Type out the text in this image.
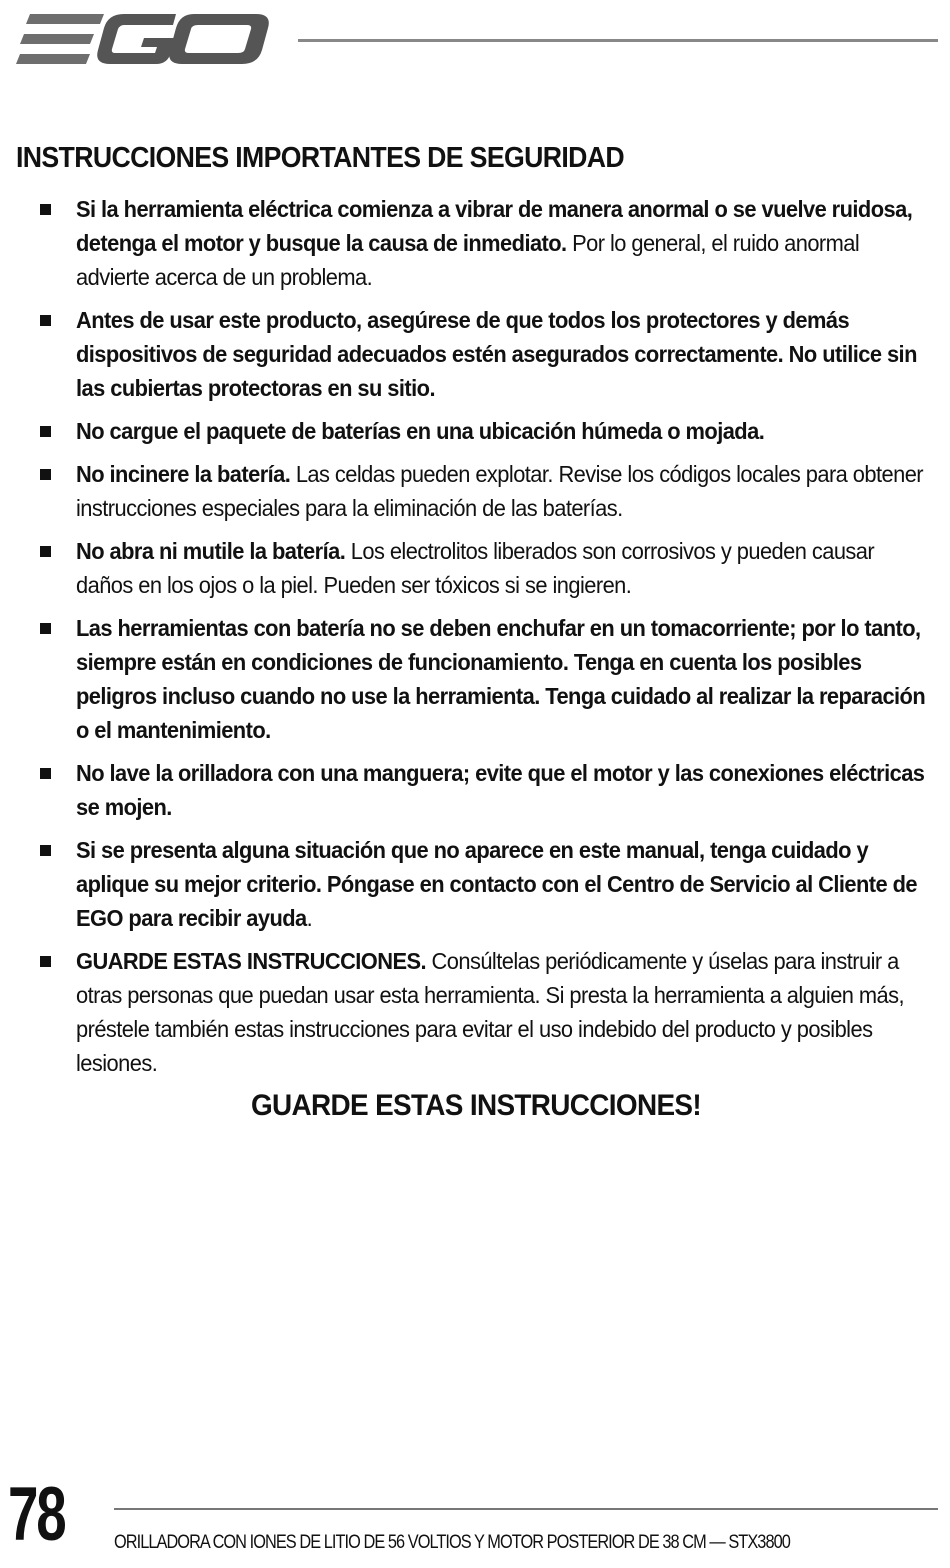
INSTRUCCIONES IMPORTANTES DE SEGURIDAD
Si la herramienta eléctrica comienza a vibrar de manera anormal o se vuelve ruidosa, detenga el motor y busque la causa de inmediato. Por lo general, el ruido anormal advierte acerca de un problema.
Antes de usar este producto, asegúrese de que todos los protectores y demás dispositivos de seguridad adecuados estén asegurados correctamente. No utilice sin las cubiertas protectoras en su sitio.
No cargue el paquete de baterías en una ubicación húmeda o mojada.
No incinere la batería. Las celdas pueden explotar. Revise los códigos locales para obtener instrucciones especiales para la eliminación de las baterías.
No abra ni mutile la batería. Los electrolitos liberados son corrosivos y pueden causar daños en los ojos o la piel. Pueden ser tóxicos si se ingieren.
Las herramientas con batería no se deben enchufar en un tomacorriente; por lo tanto, siempre están en condiciones de funcionamiento. Tenga en cuenta los posibles peligros incluso cuando no use la herramienta. Tenga cuidado al realizar la reparación o el mantenimiento.
No lave la orilladora con una manguera; evite que el motor y las conexiones eléctricas se mojen.
Si se presenta alguna situación que no aparece en este manual, tenga cuidado y aplique su mejor criterio. Póngase en contacto con el Centro de Servicio al Cliente de EGO para recibir ayuda.
GUARDE ESTAS INSTRUCCIONES. Consúltelas periódicamente y úselas para instruir a otras personas que puedan usar esta herramienta. Si presta la herramienta a alguien más, préstele también estas instrucciones para evitar el uso indebido del producto y posibles lesiones.
GUARDE ESTAS INSTRUCCIONES!
78	ORILLADORA CON IONES DE LITIO DE 56 VOLTIOS Y MOTOR POSTERIOR DE 38 CM — STX3800
